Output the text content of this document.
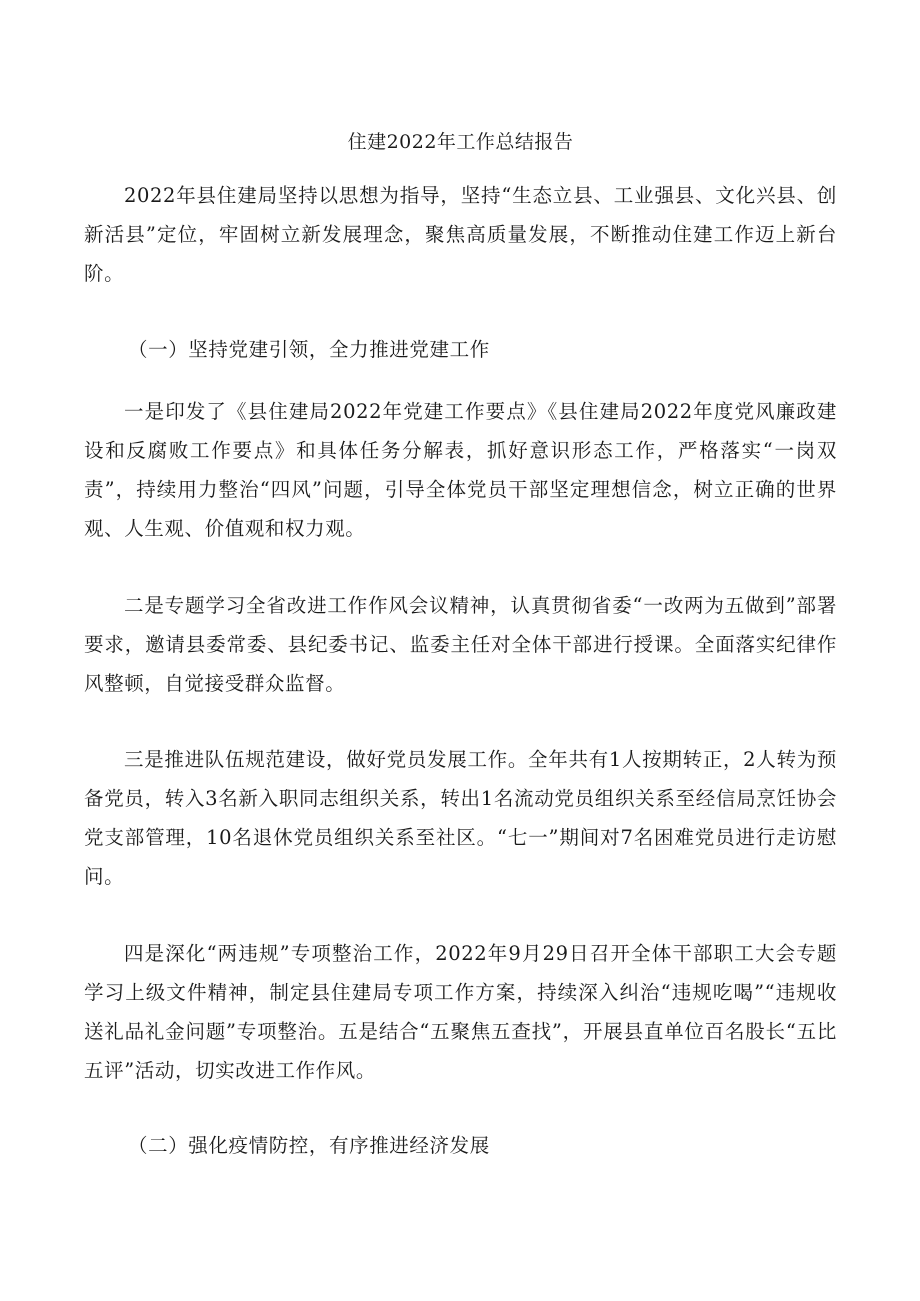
住建2022年工作总结报告

2022年县住建局坚持以思想为指导，坚持“生态立县、工业强县、文化兴县、创新活县”定位，牢固树立新发展理念，聚焦高质量发展，不断推动住建工作迈上新台阶。

（一）坚持党建引领，全力推进党建工作

一是印发了《县住建局2022年党建工作要点》《县住建局2022年度党风廉政建设和反腐败工作要点》和具体任务分解表，抓好意识形态工作，严格落实“一岗双责”，持续用力整治“四风”问题，引导全体党员干部坚定理想信念，树立正确的世界观、人生观、价值观和权力观。

二是专题学习全省改进工作作风会议精神，认真贯彻省委“一改两为五做到”部署要求，邀请县委常委、县纪委书记、监委主任对全体干部进行授课。全面落实纪律作风整顿，自觉接受群众监督。

三是推进队伍规范建设，做好党员发展工作。全年共有1人按期转正，2人转为预备党员，转入3名新入职同志组织关系，转出1名流动党员组织关系至经信局烹饪协会党支部管理，10名退休党员组织关系至社区。“七一”期间对7名困难党员进行走访慰问。

四是深化“两违规”专项整治工作，2022年9月29日召开全体干部职工大会专题学习上级文件精神，制定县住建局专项工作方案，持续深入纠治“违规吃喝”“违规收送礼品礼金问题”专项整治。五是结合“五聚焦五查找”，开展县直单位百名股长“五比五评”活动，切实改进工作作风。

（二）强化疫情防控，有序推进经济发展
